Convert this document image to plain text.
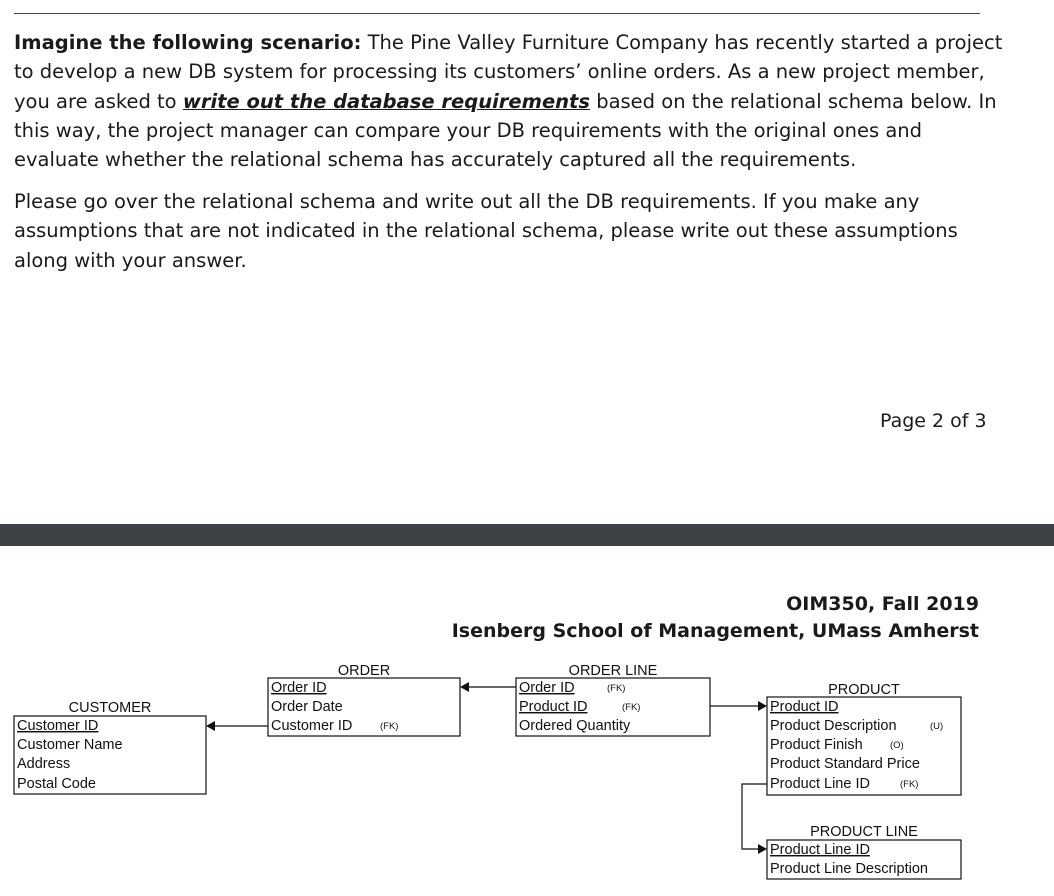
Imagine the following scenario: The Pine Valley Furniture Company has recently started a project to develop a new DB system for processing its customers’ online orders. As a new project member, you are asked to write out the database requirements based on the relational schema below. In this way, the project manager can compare your DB requirements with the original ones and evaluate whether the relational schema has accurately captured all the requirements.
Please go over the relational schema and write out all the DB requirements. If you make any assumptions that are not indicated in the relational schema, please write out these assumptions along with your answer.
Page 2 of 3
OIM350, Fall 2019
Isenberg School of Management, UMass Amherst
CUSTOMER
Customer ID
Customer Name
Address
Postal Code
ORDER
Order ID
Order Date
Customer ID	(FK)
ORDER LINE
Order ID	(FK)
Product ID	(FK)
Ordered Quantity
PRODUCT
Product ID
Product Description	(U)
Product Finish	(O)
Product Standard Price
Product Line ID	(FK)
PRODUCT LINE
Product Line ID
Product Line Description
